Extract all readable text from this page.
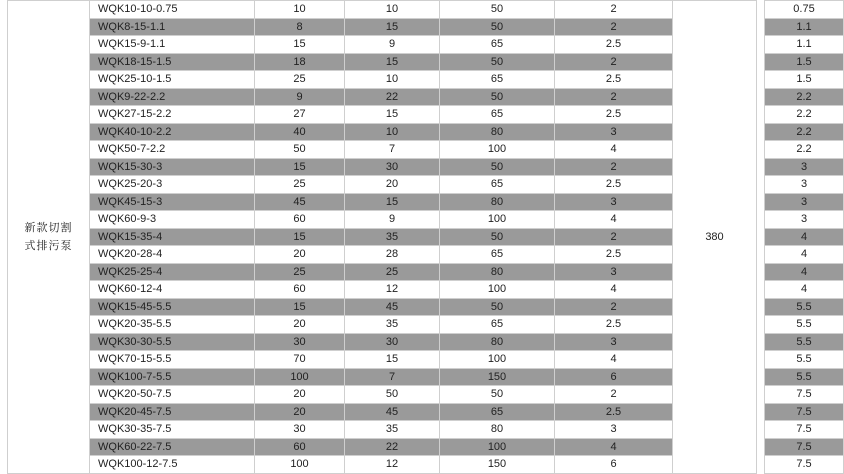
新款切割
式排污泵	WQK10-10-0.75	10	10	50	2	380		0.75
	WQK8-15-1.1	8	15	50	2			1.1
	WQK15-9-1.1	15	9	65	2.5			1.1
	WQK18-15-1.5	18	15	50	2			1.5
	WQK25-10-1.5	25	10	65	2.5			1.5
	WQK9-22-2.2	9	22	50	2			2.2
	WQK27-15-2.2	27	15	65	2.5			2.2
	WQK40-10-2.2	40	10	80	3			2.2
	WQK50-7-2.2	50	7	100	4			2.2
	WQK15-30-3	15	30	50	2			3
	WQK25-20-3	25	20	65	2.5			3
	WQK45-15-3	45	15	80	3			3
	WQK60-9-3	60	9	100	4			3
	WQK15-35-4	15	35	50	2			4
	WQK20-28-4	20	28	65	2.5			4
	WQK25-25-4	25	25	80	3			4
	WQK60-12-4	60	12	100	4			4
	WQK15-45-5.5	15	45	50	2			5.5
	WQK20-35-5.5	20	35	65	2.5			5.5
	WQK30-30-5.5	30	30	80	3			5.5
	WQK70-15-5.5	70	15	100	4			5.5
	WQK100-7-5.5	100	7	150	6			5.5
	WQK20-50-7.5	20	50	50	2			7.5
	WQK20-45-7.5	20	45	65	2.5			7.5
	WQK30-35-7.5	30	35	80	3			7.5
	WQK60-22-7.5	60	22	100	4			7.5
	WQK100-12-7.5	100	12	150	6			7.5
